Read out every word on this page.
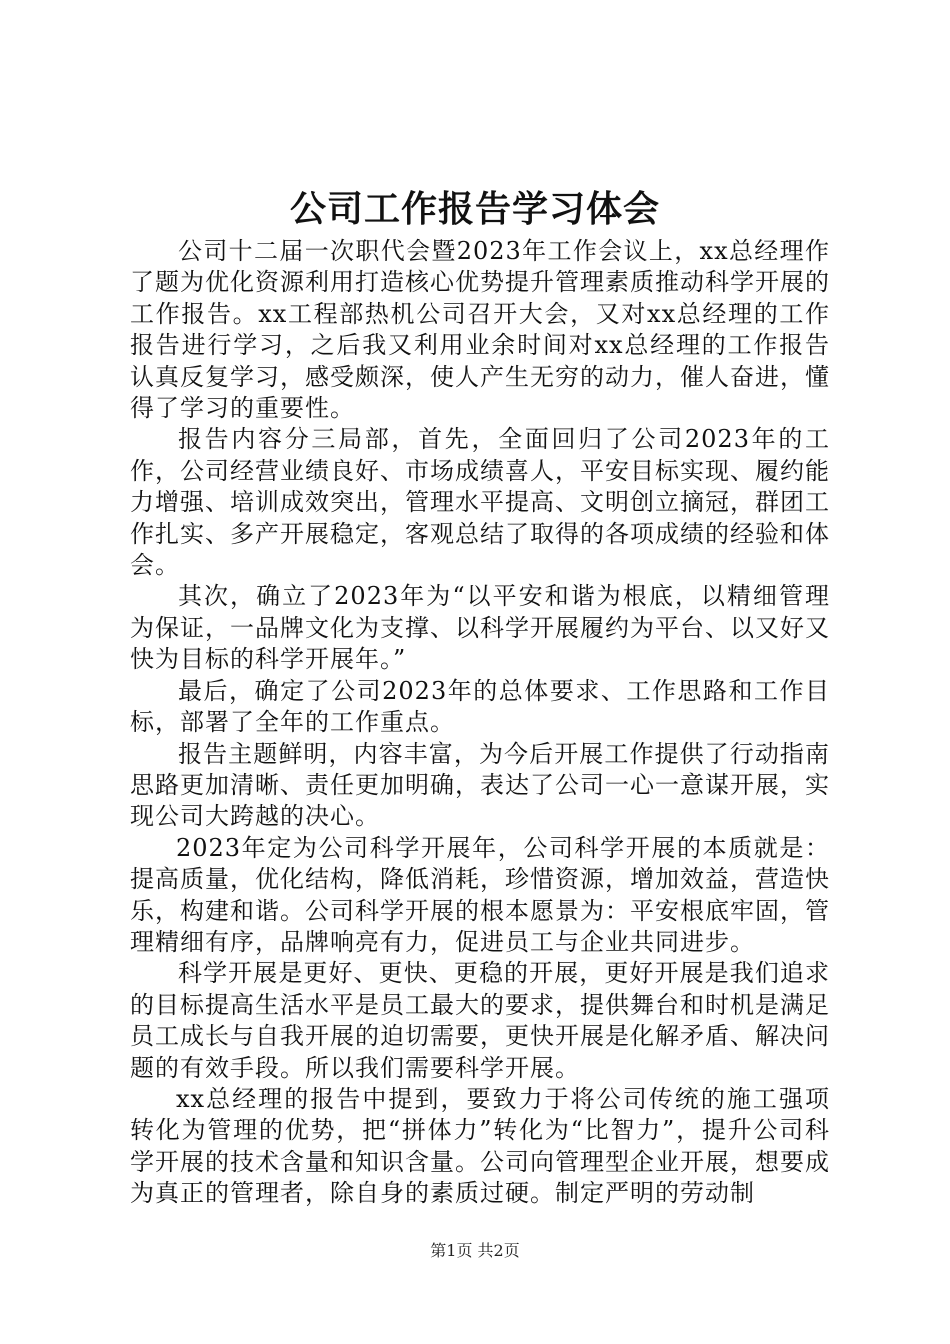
公司工作报告学习体会

公司十二届一次职代会暨2023年工作会议上，xx总经理作了题为优化资源利用打造核心优势提升管理素质推动科学开展的工作报告。xx工程部热机公司召开大会，又对xx总经理的工作报告进行学习，之后我又利用业余时间对xx总经理的工作报告认真反复学习，感受颇深，使人产生无穷的动力，催人奋进，懂得了学习的重要性。

报告内容分三局部，首先，全面回归了公司2023年的工作，公司经营业绩良好、市场成绩喜人，平安目标实现、履约能力增强、培训成效突出，管理水平提高、文明创立摘冠，群团工作扎实、多产开展稳定，客观总结了取得的各项成绩的经验和体会。

其次，确立了2023年为“以平安和谐为根底，以精细管理为保证，一品牌文化为支撑、以科学开展履约为平台、以又好又快为目标的科学开展年。”

最后，确定了公司2023年的总体要求、工作思路和工作目标，部署了全年的工作重点。

报告主题鲜明，内容丰富，为今后开展工作提供了行动指南思路更加清晰、责任更加明确，表达了公司一心一意谋开展，实现公司大跨越的决心。

2023年定为公司科学开展年，公司科学开展的本质就是：提高质量，优化结构，降低消耗，珍惜资源，增加效益，营造快乐，构建和谐。公司科学开展的根本愿景为：平安根底牢固，管理精细有序，品牌响亮有力，促进员工与企业共同进步。

科学开展是更好、更快、更稳的开展，更好开展是我们追求的目标提高生活水平是员工最大的要求，提供舞台和时机是满足员工成长与自我开展的迫切需要，更快开展是化解矛盾、解决问题的有效手段。所以我们需要科学开展。

xx总经理的报告中提到，要致力于将公司传统的施工强项转化为管理的优势，把“拼体力”转化为“比智力”，提升公司科学开展的技术含量和知识含量。公司向管理型企业开展，想要成为真正的管理者，除自身的素质过硬。制定严明的劳动制

第1页 共2页
